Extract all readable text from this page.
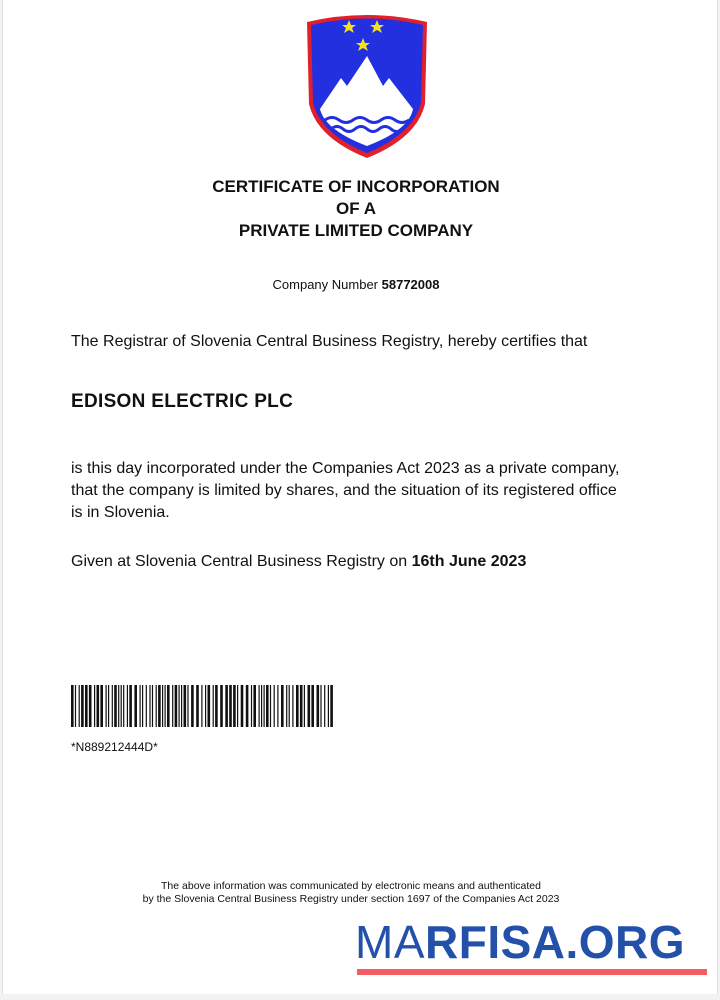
CERTIFICATE OF INCORPORATION
OF A
PRIVATE LIMITED COMPANY
Company Number 58772008
The Registrar of Slovenia Central Business Registry, hereby certifies that
EDISON ELECTRIC PLC
is this day incorporated under the Companies Act 2023 as a private company, that the company is limited by shares, and the situation of its registered office is in Slovenia.
Given at Slovenia Central Business Registry on 16th June 2023
*N889212444D*
The above information was communicated by electronic means and authenticated
by the Slovenia Central Business Registry under section 1697 of the Companies Act 2023
MARFISA.ORG
